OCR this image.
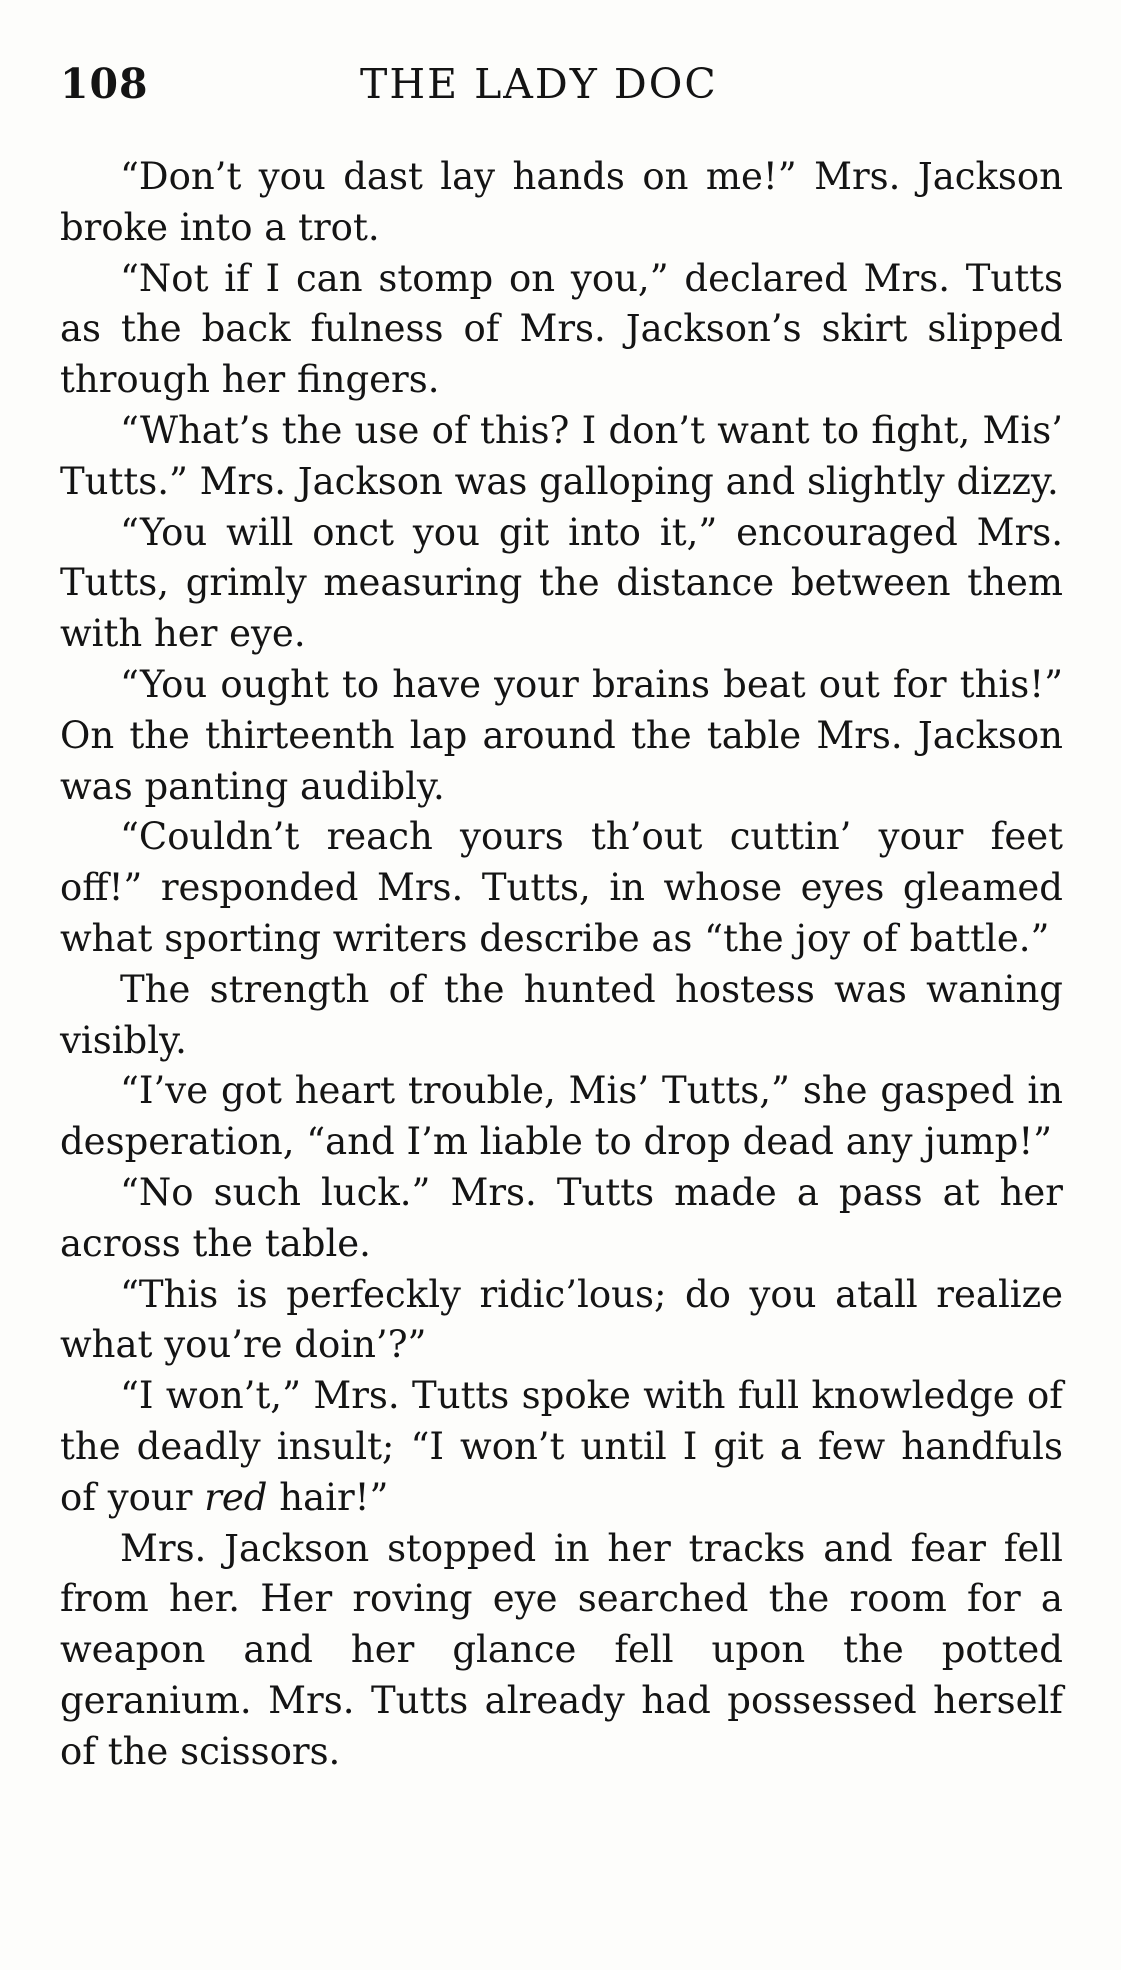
108	THE LADY DOC

“Don’t you dast lay hands on me!” Mrs. Jackson broke into a trot.

“Not if I can stomp on you,” declared Mrs. Tutts as the back fulness of Mrs. Jackson’s skirt slipped through her fingers.

“What’s the use of this? I don’t want to fight, Mis’ Tutts.” Mrs. Jackson was galloping and slightly dizzy.

“You will onct you git into it,” encouraged Mrs. Tutts, grimly measuring the distance between them with her eye.

“You ought to have your brains beat out for this!” On the thirteenth lap around the table Mrs. Jackson was panting audibly.

“Couldn’t reach yours th’out cuttin’ your feet off!” responded Mrs. Tutts, in whose eyes gleamed what sporting writers describe as “the joy of battle.”

The strength of the hunted hostess was waning visibly.

“I’ve got heart trouble, Mis’ Tutts,” she gasped in desperation, “and I’m liable to drop dead any jump!”

“No such luck.” Mrs. Tutts made a pass at her across the table.

“This is perfeckly ridic’lous; do you atall realize what you’re doin’?”

“I won’t,” Mrs. Tutts spoke with full knowledge of the deadly insult; “I won’t until I git a few handfuls of your red hair!”

Mrs. Jackson stopped in her tracks and fear fell from her. Her roving eye searched the room for a weapon and her glance fell upon the potted geranium. Mrs. Tutts already had possessed herself of the scissors.
